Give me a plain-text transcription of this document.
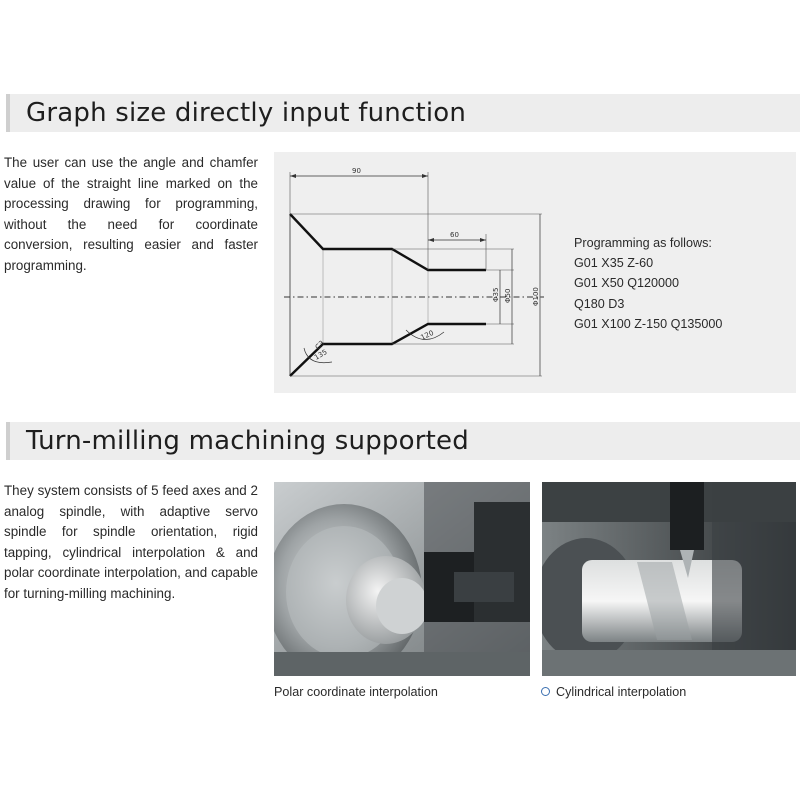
Graph size directly input function

The user can use the angle and chamfer value of the straight line marked on the processing drawing for programming, without the need for coordinate conversion, resulting easier and faster programming.

90
60
Φ35 Φ50	Φ100
120
135
C3
Programming as follows:
G01 X35 Z-60
G01 X50 Q120000
Q180 D3
G01 X100 Z-150 Q135000
Turn-milling machining supported

They system consists of 5 feed axes and 2 analog spindle, with adaptive servo spindle for spindle orientation, rigid tapping, cylindrical interpolation & and polar coordinate interpolation, and capable for turning-milling machining.

Polar coordinate interpolation	Cylindrical interpolation
